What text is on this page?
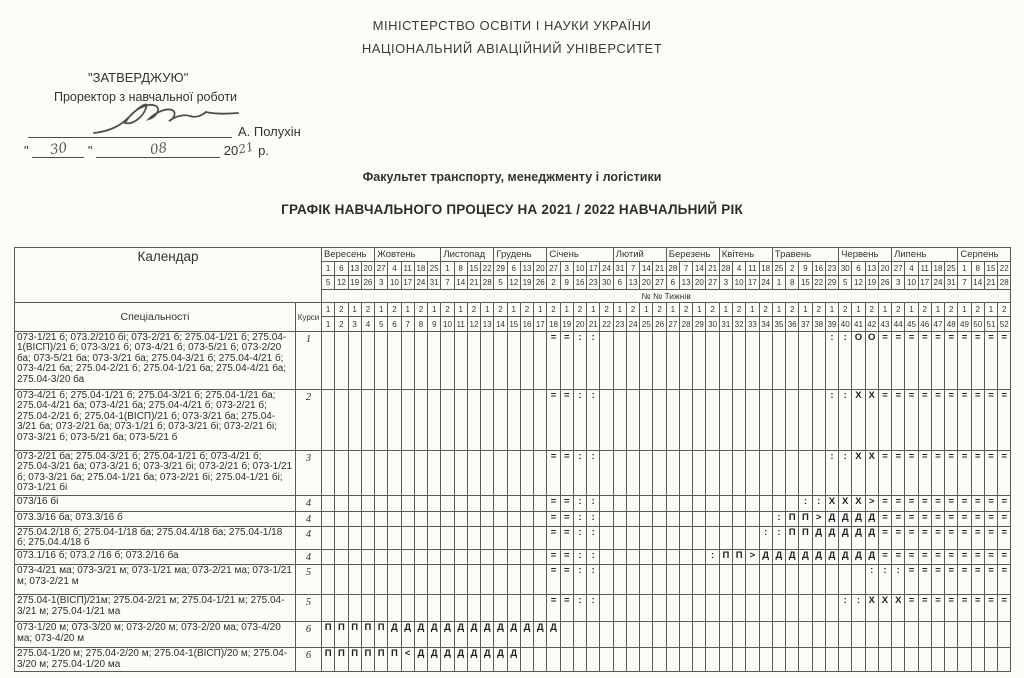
МІНІСТЕРСТВО ОСВІТИ І НАУКИ УКРАЇНИ
НАЦІОНАЛЬНИЙ АВІАЦІЙНИЙ УНІВЕРСИТЕТ
"ЗАТВЕРДЖУЮ"
Проректор з навчальної роботи
А. Полухін
" 30 "	08	2021 р.
Факультет транспорту, менеджменту і логістики
ГРАФІК НАВЧАЛЬНОГО ПРОЦЕСУ НА 2021 / 2022 НАВЧАЛЬНИЙ РІК
Календар		Вересень				Жовтень					Листопад				Грудень				Січень					Лютий				Березень				Квітень				Травень					Червень				Липень					Серпень			
		1	6	13	20	27	4	11	18	25	1	8	15	22	29	6	13	20	27	3	10	17	24	31	7	14	21	28	7	14	21	28	4	11	18	25	2	9	16	23	30	6	13	20	27	4	11	18	25	1	8	15	22
		5	12	19	26	3	10	17	24	31	7	14	21	28	5	12	19	26	2	9	16	23	30	6	13	20	27	6	13	20	27	3	10	17	24	1	8	15	22	29	5	12	19	26	3	10	17	24	31	7	14	21	28
		№ № Тижнів																																																			
Спеціальності	Курси	1	2	1	2	1	2	1	2	1	2	1	2	1	2	1	2	1	2	1	2	1	2	1	2	1	2	1	2	1	2	1	2	1	2	1	2	1	2	1	2	1	2	1	2	1	2	1	2	1	2	1	2
		1	2	3	4	5	6	7	8	9	10	11	12	13	14	15	16	17	18	19	20	21	22	23	24	25	26	27	28	29	30	31	32	33	34	35	36	37	38	39	40	41	42	43	44	45	46	47	48	49	50	51	52
073-1/21 б; 073.2/210 бі; 073-2/21 б; 275.04-1/21 б; 275.04-1(ВІСП)/21 б; 073-3/21 б; 073-4/21 б; 073-5/21 б; 073-2/20 ба; 073-5/21 ба; 073-3/21 ба; 275.04-3/21 б; 275.04-4/21 б; 073-4/21 ба; 275.04-2/21 б; 275.04-1/21 ба; 275.04-4/21 ба; 275.04-3/20 ба	1																		=	=	:	:																		:	:	О	О	=	=	=	=	=	=	=	=	=	=
073-4/21 б; 275.04-1/21 б; 275.04-3/21 б; 275.04-1/21 ба; 275.04-4/21 ба; 073-4/21 ба; 275.04-4/21 б; 073-2/21 б; 275.04-2/21 б; 275.04-1(ВІСП)/21 б; 073-3/21 ба; 275.04-3/21 ба; 073-2/21 ба; 073-1/21 б; 073-3/21 бі; 073-2/21 бі; 073-3/21 б; 073-5/21 ба; 073-5/21 б	2																		=	=	:	:																		:	:	Х	Х	=	=	=	=	=	=	=	=	=	=
073-2/21 ба; 275.04-3/21 б; 275.04-1/21 б; 073-4/21 б; 275.04-3/21 ба; 073-3/21 б; 073-3/21 бі; 073-2/21 б; 073-1/21 б; 073-3/21 ба; 275.04-1/21 ба; 073-2/21 бі; 275.04-1/21 бі; 073-1/21 бі	3																		=	=	:	:																		:	:	Х	Х	=	=	=	=	=	=	=	=	=	=
073/16 бі	4																		=	=	:	:																:	:	Х	Х	Х	>	=	=	=	=	=	=	=	=	=	=
073.3/16 ба; 073.3/16 б	4																		=	=	:	:														:	П	П	>	Д	Д	Д	Д	=	=	=	=	=	=	=	=	=	=
275.04.2/18 б; 275.04-1/18 ба; 275.04.4/18 ба; 275.04-1/18 б; 275.04.4/18 б	4																		=	=	:	:													:	:	П	П	Д	Д	Д	Д	Д	=	=	=	=	=	=	=	=	=	=
073.1/16 б; 073.2 /16 б; 073.2/16 ба	4																		=	=	:	:									:	П	П	>	Д	Д	Д	Д	Д	Д	Д	Д	Д	=	=	=	=	=	=	=	=	=	=
073-4/21 ма; 073-3/21 м; 073-1/21 ма; 073-2/21 ма; 073-1/21 м; 073-2/21 м	5																		=	=	:	:																					:	:	:	=	=	=	=	=	=	=	=
275.04-1(ВІСП)/21м; 275.04-2/21 м; 275.04-1/21 м; 275.04-3/21 м; 275.04-1/21 ма	5																		=	=	:	:																			:	:	Х	Х	Х	=	=	=	=	=	=	=	=
073-1/20 м; 073-3/20 м; 073-2/20 м; 073-2/20 ма; 073-4/20 ма; 073-4/20 м	6	П	П	П	П	П	Д	Д	Д	Д	Д	Д	Д	Д	Д	Д	Д	Д	Д																																		
275.04-1/20 м; 275.04-2/20 м; 275.04-1(ВІСП)/20 м; 275.04-3/20 м; 275.04-1/20 ма	6	П	П	П	П	П	П	<	Д	Д	Д	Д	Д	Д	Д	Д																																					
